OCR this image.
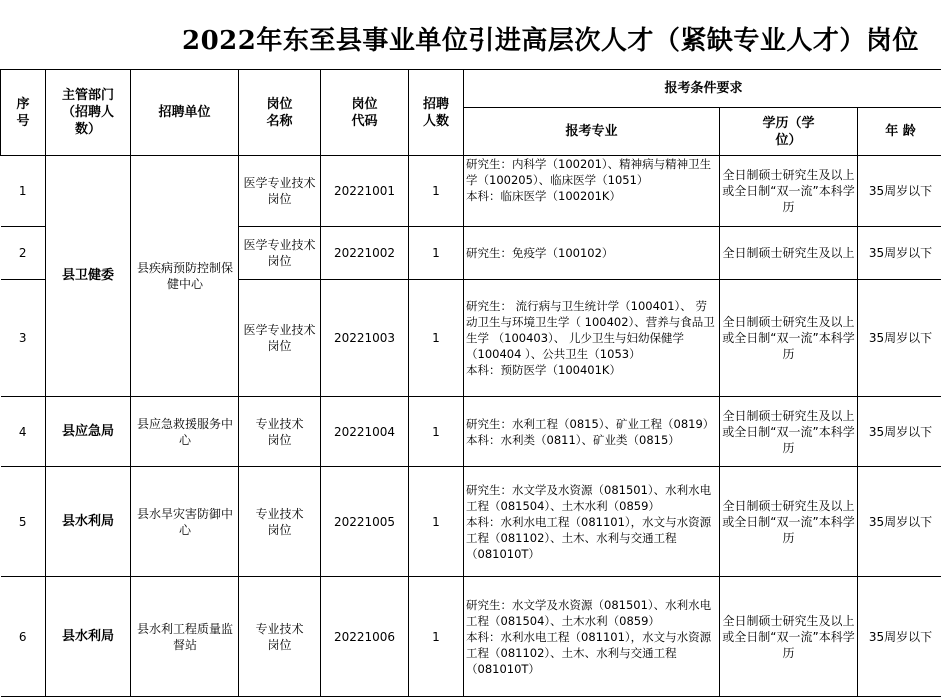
2022年东至县事业单位引进高层次人才（紧缺专业人才）岗位
序号	主管部门（招聘人数）	招聘单位	岗位名称	岗位代码	招聘人数	报考条件要求		
						报考专业	学历（学位）	年 龄
1	县卫健委	县疾病预防控制保健中心	医学专业技术岗位	20221001	1	研究生：内科学（100201）、精神病与精神卫生学（100205）、临床医学（1051）
本科：临床医学（100201K）	全日制硕士研究生及以上或全日制“双一流”本科学历	35周岁以下
2			医学专业技术岗位	20221002	1	研究生：免疫学（100102）	全日制硕士研究生及以上	35周岁以下
3			医学专业技术岗位	20221003	1	研究生： 流行病与卫生统计学（100401）、 劳动卫生与环境卫生学（ 100402）、营养与食品卫生学 （100403）、 儿少卫生与妇幼保健学 （100404 ）、公共卫生（1053）
本科：预防医学（100401K）	全日制硕士研究生及以上或全日制“双一流”本科学历	35周岁以下
4	县应急局	县应急救援服务中心	专业技术岗位	20221004	1	研究生：水利工程（0815）、矿业工程（0819）
本科：水利类（0811）、矿业类（0815）	全日制硕士研究生及以上或全日制“双一流”本科学历	35周岁以下
5	县水利局	县水旱灾害防御中心	专业技术岗位	20221005	1	研究生：水文学及水资源（081501）、水利水电工程（081504）、土木水利（0859）
本科：水利水电工程（081101），水文与水资源工程（081102）、土木、水利与交通工程（081010T）	全日制硕士研究生及以上或全日制“双一流”本科学历	35周岁以下
6	县水利局	县水利工程质量监督站	专业技术岗位	20221006	1	研究生：水文学及水资源（081501）、水利水电工程（081504）、土木水利（0859）
本科：水利水电工程（081101），水文与水资源工程（081102）、土木、水利与交通工程（081010T）	全日制硕士研究生及以上或全日制“双一流”本科学历	35周岁以下
